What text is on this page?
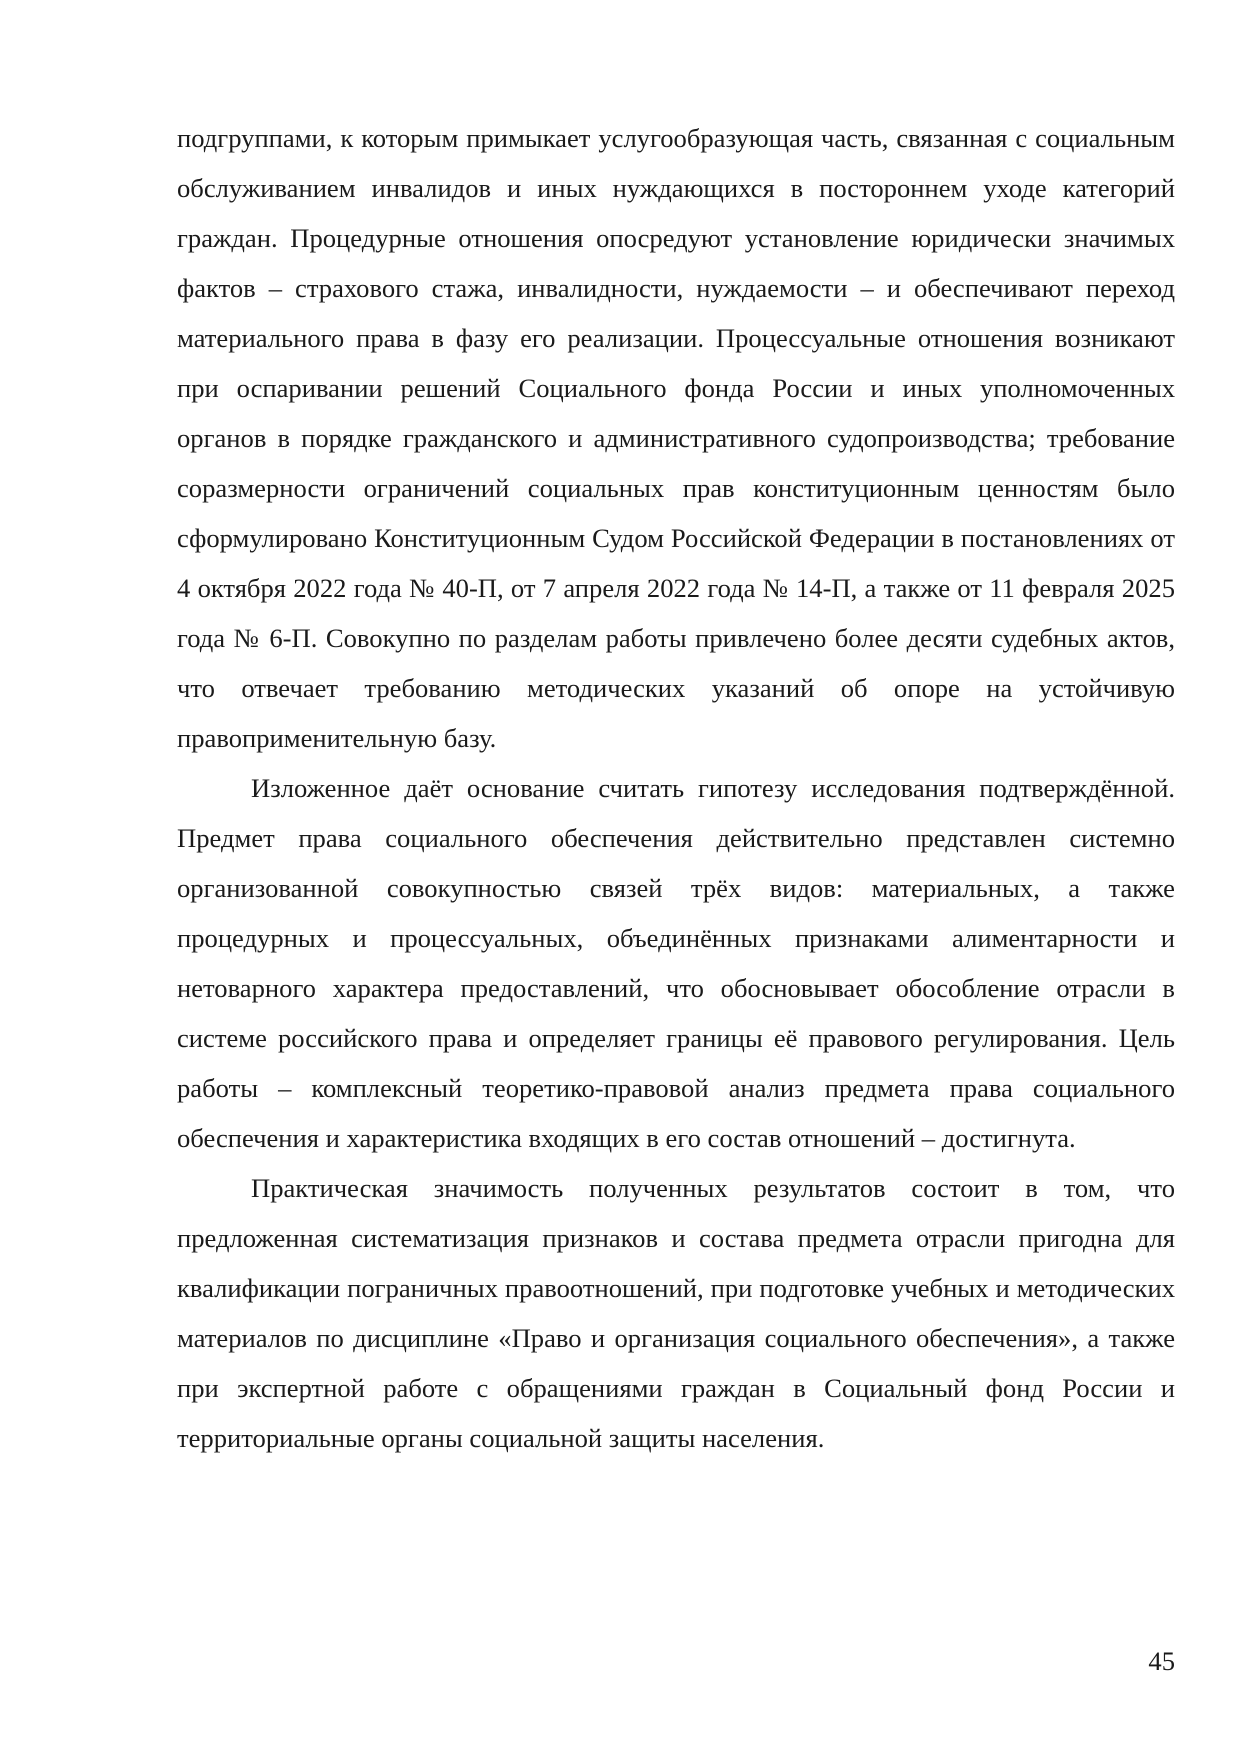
подгруппами, к которым примыкает услугообразующая часть, связанная с социальным обслуживанием инвалидов и иных нуждающихся в постороннем уходе категорий граждан. Процедурные отношения опосредуют установление юридически значимых фактов – страхового стажа, инвалидности, нуждаемости – и обеспечивают переход материального права в фазу его реализации. Процессуальные отношения возникают при оспаривании решений Социального фонда России и иных уполномоченных органов в порядке гражданского и административного судопроизводства; требование соразмерности ограничений социальных прав конституционным ценностям было сформулировано Конституционным Судом Российской Федерации в постановлениях от 4 октября 2022 года № 40-П, от 7 апреля 2022 года № 14-П, а также от 11 февраля 2025 года № 6-П. Совокупно по разделам работы привлечено более десяти судебных актов, что отвечает требованию методических указаний об опоре на устойчивую правоприменительную базу.

Изложенное даёт основание считать гипотезу исследования подтверждённой. Предмет права социального обеспечения действительно представлен системно организованной совокупностью связей трёх видов: материальных, а также процедурных и процессуальных, объединённых признаками алиментарности и нетоварного характера предоставлений, что обосновывает обособление отрасли в системе российского права и определяет границы её правового регулирования. Цель работы – комплексный теоретико-правовой анализ предмета права социального обеспечения и характеристика входящих в его состав отношений – достигнута.

Практическая значимость полученных результатов состоит в том, что предложенная систематизация признаков и состава предмета отрасли пригодна для квалификации пограничных правоотношений, при подготовке учебных и методических материалов по дисциплине «Право и организация социального обеспечения», а также при экспертной работе с обращениями граждан в Социальный фонд России и территориальные органы социальной защиты населения.

45
